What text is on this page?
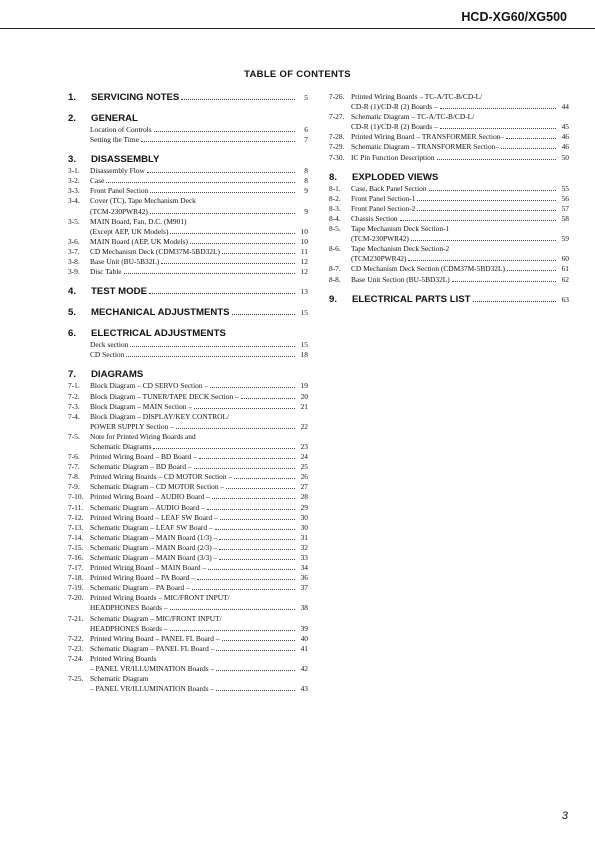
HCD-XG60/XG500
TABLE OF CONTENTS
1.	SERVICING NOTES	5
2.	GENERAL
Location of Controls	6
Setting the Time	7
3.	DISASSEMBLY
3-1.	Disassembly Flow	8
3-2.	Case	8
3-3.	Front Panel Section	9
3-4.	Cover (TC), Tape Mechanism Deck
(TCM-230PWR42)	9
3-5.	MAIN Board, Fan, D.C. (M901)
(Except AEP, UK Models)	10
3-6.	MAIN Board (AEP, UK Models)	10
3-7.	CD Mechanism Deck (CDM37M-5BD32L)	11
3-8.	Base Unit (BU-5B32L)	12
3-9.	Disc Table	12
4.	TEST MODE	13
5.	MECHANICAL ADJUSTMENTS	15
6.	ELECTRICAL ADJUSTMENTS
Deck section	15
CD Section	18
7.	DIAGRAMS
7-1.	Block Diagram – CD SERVO Section –	19
7-2.	Block Diagram – TUNER/TAPE DECK Section –	20
7-3.	Block Diagram – MAIN Section –	21
7-4.	Block Diagram – DISPLAY/KEY CONTROL/
POWER SUPPLY Section –	22
7-5.	Note for Printed Wiring Boards and
Schematic Diagrams	23
7-6.	Printed Wiring Board – BD Board –	24
7-7.	Schematic Diagram – BD Board –	25
7-8.	Printed Wiring Boards – CD MOTOR Section –	26
7-9.	Schematic Diagram – CD MOTOR Section –	27
7-10. Printed Wiring Board – AUDIO Board –	28
7-11. Schematic Diagram – AUDIO Board –	29
7-12. Printed Wiring Board – LEAF SW Board –	30
7-13. Schematic Diagram – LEAF SW Board –	30
7-14. Schematic Diagram – MAIN Board (1/3) –	31
7-15. Schematic Diagram – MAIN Board (2/3) –	32
7-16. Schematic Diagram – MAIN Board (3/3) –	33
7-17. Printed Wiring Board – MAIN Board –	34
7-18. Printed Wiring Board – PA Board –	36
7-19. Schematic Diagram – PA Board –	37
7-20. Printed Wiring Boards – MIC/FRONT INPUT/
HEADPHONES Boards –	38
7-21. Schematic Diagram – MIC/FRONT INPUT/
HEADPHONES Boards –	39
7-22. Printed Wiring Board – PANEL FL Board –	40
7-23. Schematic Diagram – PANEL FL Board –	41
7-24. Printed Wiring Boards
– PANEL VR/ILLUMINATION Boards –	42
7-25. Schematic Diagram
– PANEL VR/ILLUMINATION Boards –	43
7-26. Printed Wiring Boards – TC-A/TC-B/CD-L/
CD-R (1)/CD-R (2) Boards –	44
7-27. Schematic Diagram – TC-A/TC-B/CD-L/
CD-R (1)/CD-R (2) Boards –	45
7-28. Printed Wiring Board – TRANSFORMER Section–	46
7-29. Schematic Diagram – TRANSFORMER Section–	46
7-30. IC Pin Function Description	50
8.	EXPLODED VIEWS
8-1.	Case, Back Panel Section	55
8-2.	Front Panel Section-1	56
8-3.	Front Panel Section-2	57
8-4.	Chassis Section	58
8-5.	Tape Mechanism Deck Section-1
(TCM-230PWR42)	59
8-6.	Tape Mechanism Deck Section-2
(TCM230PWR42)	60
8-7.	CD Mechanism Deck Section (CDM37M-5BD32L)	61
8-8.	Base Unit Section (BU-5BD32L)	62
9.	ELECTRICAL PARTS LIST	63
3
